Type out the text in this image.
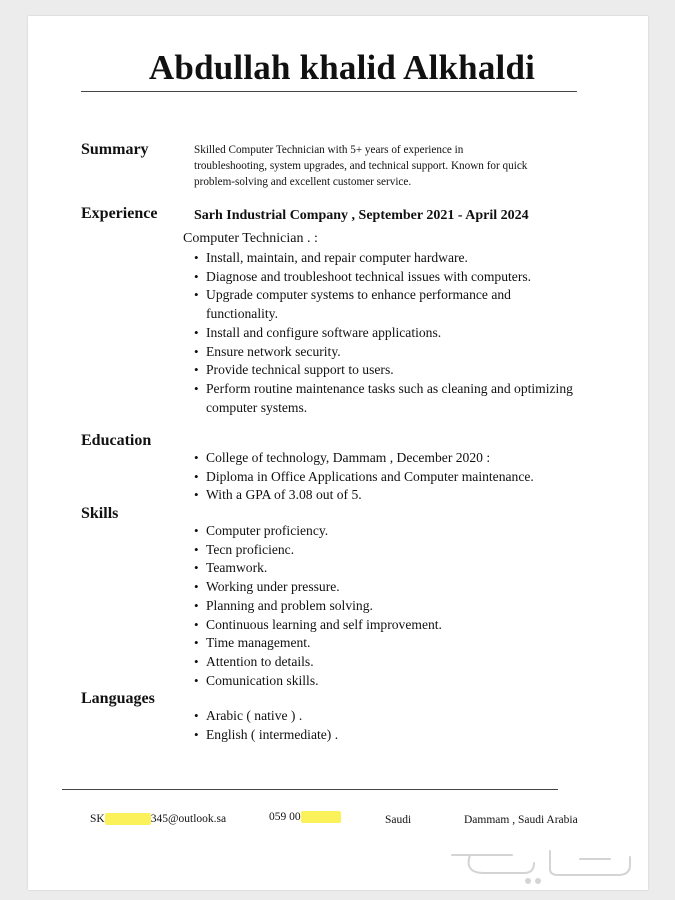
Abdullah khalid Alkhaldi
Summary	Skilled Computer Technician with 5+ years of experience in troubleshooting, system upgrades, and technical support. Known for quick problem-solving and excellent customer service.
Experience	Sarh Industrial Company , September 2021 - April 2024
Computer Technician . :
• Install, maintain, and repair computer hardware.
• Diagnose and troubleshoot technical issues with computers.
• Upgrade computer systems to enhance performance and functionality.
• Install and configure software applications.
• Ensure network security.
• Provide technical support to users.
• Perform routine maintenance tasks such as cleaning and optimizing computer systems.
Education
• College of technology, Dammam , December 2020 :
• Diploma in Office Applications and Computer maintenance.
• With a GPA of 3.08 out of 5.
Skills
• Computer proficiency.
• Tecn proficienc.
• Teamwork.
• Working under pressure.
• Planning and problem solving.
• Continuous learning and self improvement.
• Time management.
• Attention to details.
• Comunication skills.
Languages
• Arabic ( native ) .
• English ( intermediate) .
SK00000012345@outlook.sa	059 000000000	Saudi	Dammam , Saudi Arabia
